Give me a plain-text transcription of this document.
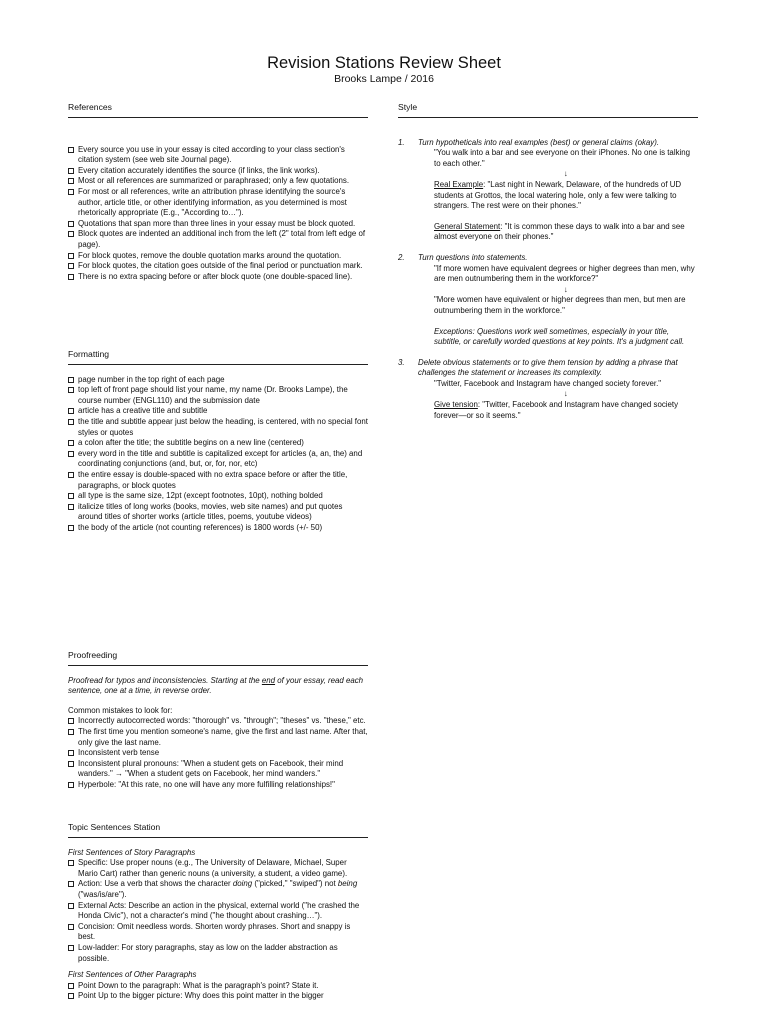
Revision Stations Review Sheet
Brooks Lampe / 2016
References
Every source you use in your essay is cited according to your class section's citation system (see web site Journal page).
Every citation accurately identifies the source (if links, the link works).
Most or all references are summarized or paraphrased; only a few quotations.
For most or all references, write an attribution phrase identifying the source's author, article title, or other identifying information, as you determined is most rhetorically appropriate (E.g., "According to…").
Quotations that span more than three lines in your essay must be block quoted.
Block quotes are indented an additional inch from the left (2" total from left edge of page).
For block quotes, remove the double quotation marks around the quotation.
For block quotes, the citation goes outside of the final period or punctuation mark.
There is no extra spacing before or after block quote (one double-spaced line).
Formatting
page number in the top right of each page
top left of front page should list your name, my name (Dr. Brooks Lampe), the course number (ENGL110) and the submission date
article has a creative title and subtitle
the title and subtitle appear just below the heading, is centered, with no special font styles or quotes
a colon after the title; the subtitle begins on a new line (centered)
every word in the title and subtitle is capitalized except for articles (a, an, the) and coordinating conjunctions (and, but, or, for, nor, etc)
the entire essay is double-spaced with no extra space before or after the title, paragraphs, or block quotes
all type is the same size, 12pt (except footnotes, 10pt), nothing bolded
italicize titles of long works (books, movies, web site names) and put quotes around titles of shorter works (article titles, poems, youtube videos)
the body of the article (not counting references) is 1800 words (+/- 50)
Proofreeding
Proofread for typos and inconsistencies. Starting at the end of your essay, read each sentence, one at a time, in reverse order.
Common mistakes to look for:
Incorrectly autocorrected words: "thorough" vs. "through"; "theses" vs. "these," etc.
The first time you mention someone's name, give the first and last name. After that, only give the last name.
Inconsistent verb tense
Inconsistent plural pronouns: "When a student gets on Facebook, their mind wanders." → "When a student gets on Facebook, her mind wanders."
Hyperbole: "At this rate, no one will have any more fulfilling relationships!"
Topic Sentences Station
First Sentences of Story Paragraphs
Specific: Use proper nouns (e.g., The University of Delaware, Michael, Super Mario Cart) rather than generic nouns (a university, a student, a video game).
Action: Use a verb that shows the character doing ("picked," "swiped") not being ("was/is/are").
External Acts: Describe an action in the physical, external world ("he crashed the Honda Civic"), not a character's mind ("he thought about crashing…").
Concision: Omit needless words. Shorten wordy phrases. Short and snappy is best.
Low-ladder: For story paragraphs, stay as low on the ladder abstraction as possible.
First Sentences of Other Paragraphs
Point Down to the paragraph: What is the paragraph's point? State it.
Point Up to the bigger picture: Why does this point matter in the bigger
Style
1. Turn hypotheticals into real examples (best) or general claims (okay).
"You walk into a bar and see everyone on their iPhones. No one is talking to each other."
↓
Real Example: "Last night in Newark, Delaware, of the hundreds of UD students at Grottos, the local watering hole, only a few were talking to strangers. The rest were on their phones."
General Statement: "It is common these days to walk into a bar and see almost everyone on their phones."
2. Turn questions into statements.
"If more women have equivalent degrees or higher degrees than men, why are men outnumbering them in the workforce?"
↓
"More women have equivalent or higher degrees than men, but men are outnumbering them in the workforce."
Exceptions: Questions work well sometimes, especially in your title, subtitle, or carefully worded questions at key points. It's a judgment call.
3. Delete obvious statements or to give them tension by adding a phrase that challenges the statement or increases its complexity.
"Twitter, Facebook and Instagram have changed society forever."
↓
Give tension: "Twitter, Facebook and Instagram have changed society forever—or so it seems."
